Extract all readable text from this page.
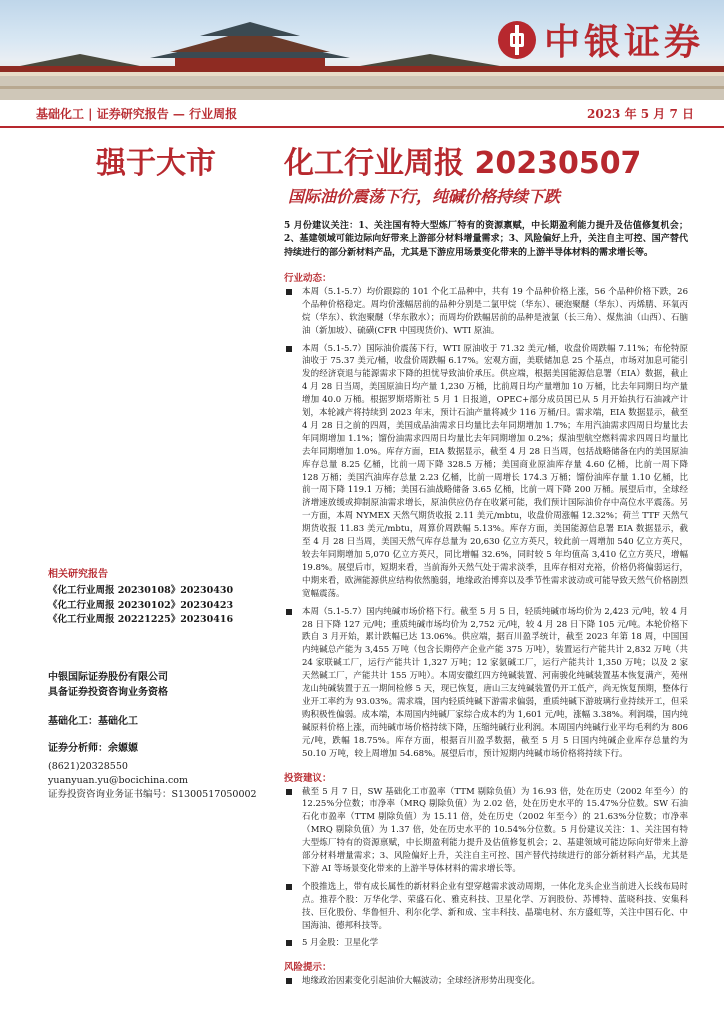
中银证券
基础化工 | 证券研究报告 — 行业周报	2023 年 5 月 7 日
强于大市 化工行业周报 20230507
国际油价震荡下行，纯碱价格持续下跌
相关研究报告
《化工行业周报 20230108》20230430
《化工行业周报 20230102》20230423
《化工行业周报 20221225》20230416
中银国际证券股份有限公司
具备证券投资咨询业务资格
基础化工：基础化工
证券分析师：余嫄嫄
(8621)20328550
yuanyuan.yu@bocichina.com
证券投资咨询业务证书编号：S1300517050002

5 月份建议关注：1、关注国有特大型炼厂特有的资源禀赋，中长期盈利能力提升及估值修复机会；2、基建领域可能边际向好带来上游部分材料增量需求；3、风险偏好上升，关注自主可控、国产替代持续进行的部分新材料产品，尤其是下游应用场景变化带来的上游半导体材料的需求增长等。

行业动态：
本周（5.1-5.7）均价跟踪的 101 个化工品种中，共有 19 个品种价格上涨，56 个品种价格下跌，26 个品种价格稳定。周均价涨幅居前的品种分别是二氯甲烷（华东）、硬泡聚醚（华东）、丙烯腈、环氧丙烷（华东）、软泡聚醚（华东散水）；而周均价跌幅居前的品种是液氯（长三角）、煤焦油（山西）、石脑油（新加坡）、硫磺(CFR 中国现货价)、WTI 原油。
本周（5.1-5.7）国际油价震荡下行，WTI 原油收于 71.32 美元/桶，收盘价周跌幅 7.11%；布伦特原油收于 75.37 美元/桶，收盘价周跌幅 6.17%。宏观方面，美联储加息 25 个基点，市场对加息可能引发的经济衰退与能源需求下降的担忧导致油价承压。供应端，根据美国能源信息署（EIA）数据，截止 4 月 28 日当周，美国原油日均产量 1,230 万桶，比前周日均产量增加 10 万桶，比去年同期日均产量增加 40.0 万桶。根据罗斯塔斯社 5 月 1 日报道，OPEC+部分成员国已从 5 月开始执行石油减产计划，本轮减产将持续到 2023 年末，预计石油产量将减少 116 万桶/日。需求端，EIA 数据显示，截至 4 月 28 日之前的四周，美国成品油需求日均量比去年同期增加 1.7%；车用汽油需求四周日均量比去年同期增加 1.1%；馏份油需求四周日均量比去年同期增加 0.2%；煤油型航空燃料需求四周日均量比去年同期增加 1.0%。库存方面，EIA 数据显示，截至 4 月 28 日当周，包括战略储备在内的美国原油库存总量 8.25 亿桶，比前一周下降 328.5 万桶；美国商业原油库存量 4.60 亿桶，比前一周下降 128 万桶；美国汽油库存总量 2.23 亿桶，比前一周增长 174.3 万桶；馏份油库存量 1.10 亿桶，比前一周下降 119.1 万桶；美国石油战略储备 3.65 亿桶，比前一周下降 200 万桶。展望后市，全球经济增速放缓或抑制原油需求增长，原油供应仍存在收紧可能，我们预计国际油价存中高位水平震荡。另一方面，本周 NYMEX 天然气期货收报 2.11 美元/mbtu，收盘价周涨幅 12.32%；荷兰 TTF 天然气期货收报 11.83 美元/mbtu，周算价周跌幅 5.13%。库存方面，美国能源信息署 EIA 数据显示，截至 4 月 28 日当周，美国天然气库存总量为 20,630 亿立方英尺，较此前一周增加 540 亿立方英尺，较去年同期增加 5,070 亿立方英尺，同比增幅 32.6%，同时较 5 年均值高 3,410 亿立方英尺，增幅 19.8%。展望后市，短期来看，当前海外天然气处于需求淡季，且库存相对充裕，价格仍将偏弱运行，中期来看，欧洲能源供应结构依然脆弱，地缘政治博弈以及季节性需求波动或可能导致天然气价格剧烈宽幅震荡。
本周（5.1-5.7）国内纯碱市场价格下行。截至 5 月 5 日，轻质纯碱市场均价为 2,423 元/吨，较 4 月 28 日下降 127 元/吨；重质纯碱市场均价为 2,752 元/吨，较 4 月 28 日下降 105 元/吨。本轮价格下跌自 3 月开始，累计跌幅已达 13.06%。供应端，据百川盈孚统计，截至 2023 年第 18 周，中国国内纯碱总产能为 3,455 万吨（包含长期停产企业产能 375 万吨），装置运行产能共计 2,832 万吨（共 24 家联碱工厂，运行产能共计 1,327 万吨；12 家氨碱工厂，运行产能共计 1,350 万吨；以及 2 家天然碱工厂，产能共计 155 万吨）。本周安徽红四方纯碱装置、河南骏化纯碱装置基本恢复满产，苑州龙山纯碱装置于五一期间检修 5 天，现已恢复，唐山三友纯碱装置仍开工低产，尚无恢复预期，整体行业开工率约为 93.03%。需求端，国内轻质纯碱下游需求偏弱，重质纯碱下游玻璃行业持续开工，但采购积极性偏弱。成本端，本周国内纯碱厂家综合成本约为 1,601 元/吨，涨幅 3.38%。利润端，国内纯碱原料价格上涨，而纯碱市场价格持续下降，压缩纯碱行业利润。本周国内纯碱行业平均毛利约为 806 元/吨，跌幅 18.75%。库存方面，根据百川盈孚数据，截至 5 月 5 日国内纯碱企业库存总量约为 50.10 万吨，较上周增加 54.68%。展望后市，预计短期内纯碱市场价格将持续下行。
投资建议：
截至 5 月 7 日，SW 基础化工市盈率（TTM 剔除负值）为 16.93 倍，处在历史（2002 年至今）的 12.25%分位数；市净率（MRQ 剔除负值）为 2.02 倍，处在历史水平的 15.47%分位数。SW 石油石化市盈率（TTM 剔除负值）为 15.11 倍，处在历史（2002 年至今）的 21.63%分位数；市净率（MRQ 剔除负值）为 1.37 倍，处在历史水平的 10.54%分位数。5 月份建议关注：1、关注国有特大型炼厂特有的资源禀赋，中长期盈利能力提升及估值修复机会；2、基建领域可能边际向好带来上游部分材料增量需求；3、风险偏好上升，关注自主可控、国产替代持续进行的部分新材料产品，尤其是下游 AI 等场景变化带来的上游半导体材料的需求增长等。
个股推选上，带有成长属性的新材料企业有望穿越需求波动周期，一体化龙头企业当前进入长线布局时点。推荐个股：万华化学、荣盛石化、雅克科技、卫星化学、万润股份、苏博特、蓝晓科技、安集科技、巨化股份、华鲁恒升、利尔化学、新和成、宝丰科技、晶瑞电材、东方盛虹等，关注中国石化、中国海油、德邦科技等。
5 月金股：卫星化学
风险提示：
地缘政治因素变化引起油价大幅波动；全球经济形势出现变化。
